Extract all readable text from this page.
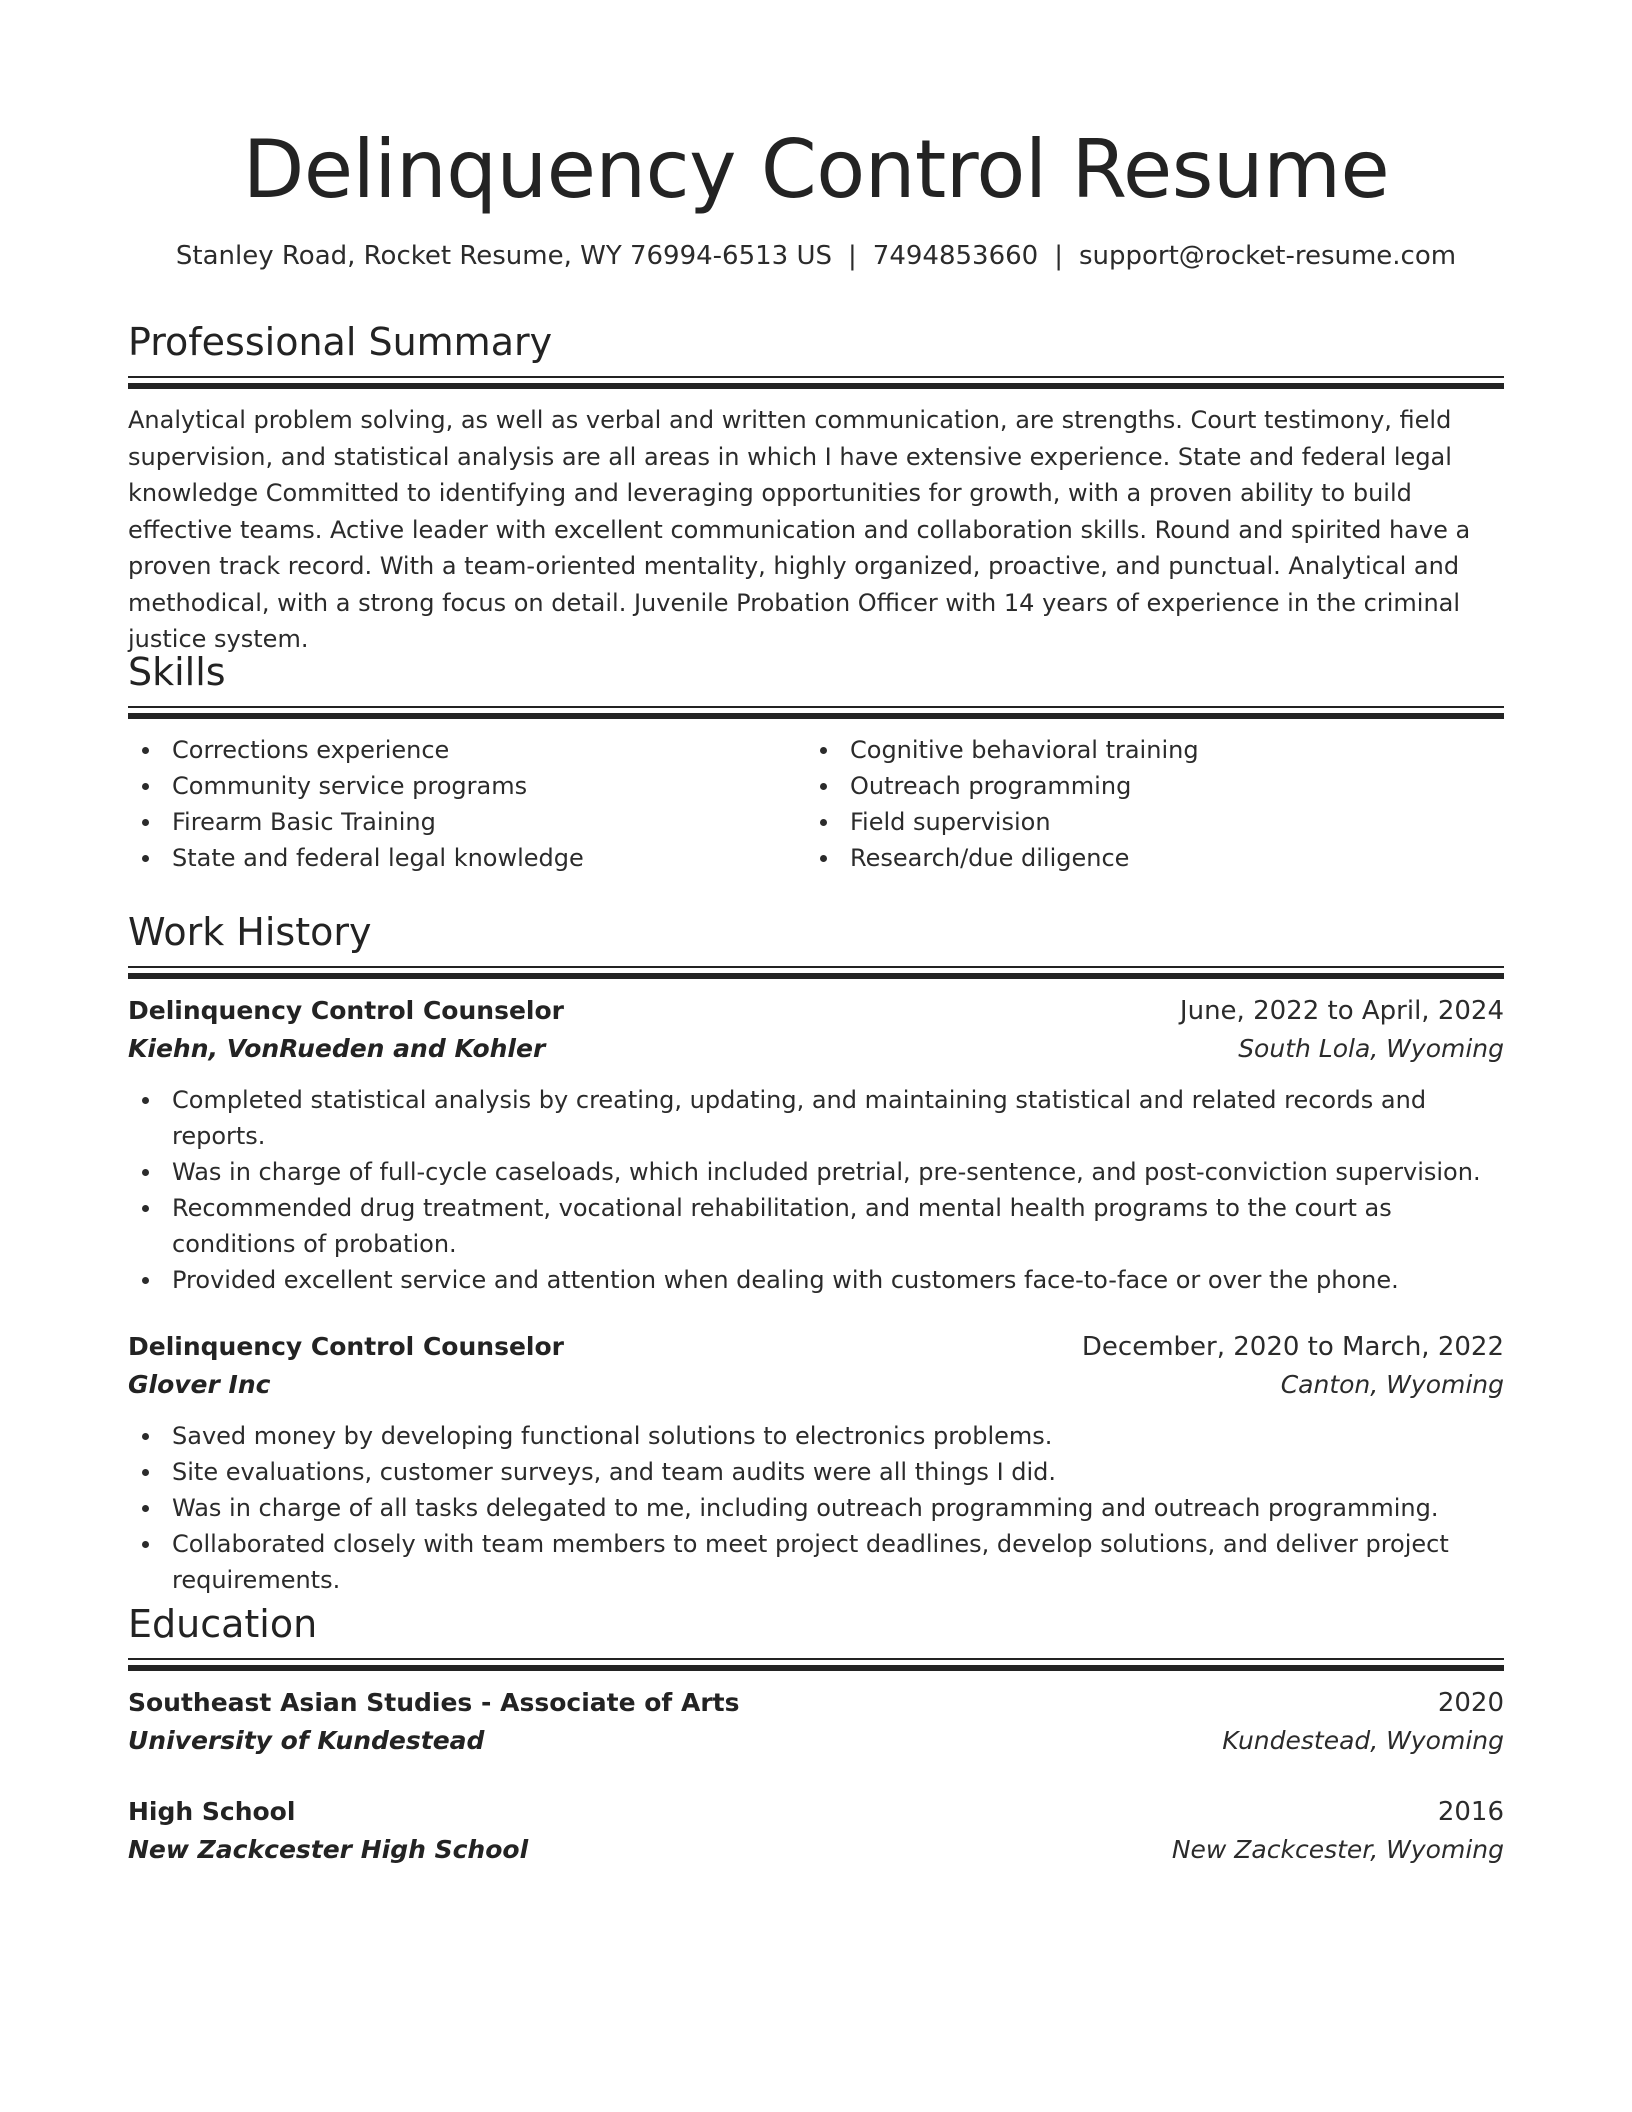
Delinquency Control Resume
Stanley Road, Rocket Resume, WY 76994-6513 US | 7494853660 | support@rocket-resume.com
Professional Summary

Analytical problem solving, as well as verbal and written communication, are strengths. Court testimony, field supervision, and statistical analysis are all areas in which I have extensive experience. State and federal legal knowledge Committed to identifying and leveraging opportunities for growth, with a proven ability to build effective teams. Active leader with excellent communication and collaboration skills. Round and spirited have a proven track record. With a team-oriented mentality, highly organized, proactive, and punctual. Analytical and methodical, with a strong focus on detail. Juvenile Probation Officer with 14 years of experience in the criminal justice system.

Skills
Corrections experience
Community service programs
Firearm Basic Training
State and federal legal knowledge
Cognitive behavioral training
Outreach programming
Field supervision
Research/due diligence
Work History
Delinquency Control Counselor	June, 2022 to April, 2024
Kiehn, VonRueden and Kohler	South Lola, Wyoming
Completed statistical analysis by creating, updating, and maintaining statistical and related records and reports.
Was in charge of full-cycle caseloads, which included pretrial, pre-sentence, and post-conviction supervision.
Recommended drug treatment, vocational rehabilitation, and mental health programs to the court as conditions of probation.
Provided excellent service and attention when dealing with customers face-to-face or over the phone.
Delinquency Control Counselor	December, 2020 to March, 2022
Glover Inc	Canton, Wyoming
Saved money by developing functional solutions to electronics problems.
Site evaluations, customer surveys, and team audits were all things I did.
Was in charge of all tasks delegated to me, including outreach programming and outreach programming.
Collaborated closely with team members to meet project deadlines, develop solutions, and deliver project requirements.
Education
Southeast Asian Studies - Associate of Arts	2020
University of Kundestead	Kundestead, Wyoming
High School	2016
New Zackcester High School	New Zackcester, Wyoming
